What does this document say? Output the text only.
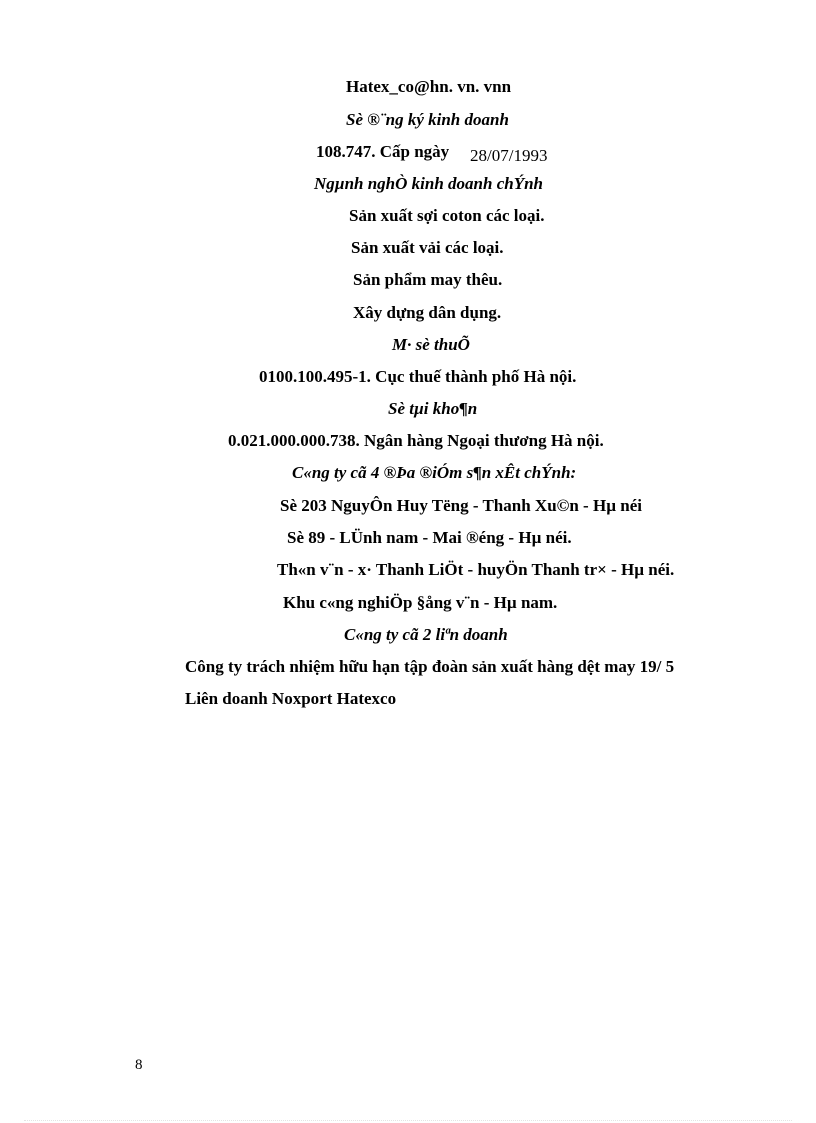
Hatex_co@hn. vn. vnn
Sè ®¨ng ký kinh doanh
108.747. Cấp ngày 28/07/1993
Ngµnh nghÒ kinh doanh chÝnh
Sản xuất sợi coton các loại.
Sản xuất vải các loại.
Sản phẩm may thêu.
Xây dựng dân dụng.
M· sè thuÕ
0100.100.495-1. Cục thuế thành phố Hà nội.
Sè tµi kho¶n
0.021.000.000.738. Ngân hàng Ngoại thương Hà nội.
C«ng ty cã 4 ®Þa ®iÓm s¶n xÊt chÝnh:
Sè 203 NguyÔn Huy Tëng - Thanh Xu©n - Hµ néi
Sè 89 - LÜnh nam - Mai ®éng - Hµ néi.
Th«n v¨n - x· Thanh LiÖt - huyÖn Thanh tr× - Hµ néi.
Khu c«ng nghiÖp §ång v¨n - Hµ nam.
C«ng ty cã 2 liªn doanh
Công ty trách nhiệm hữu hạn tập đoàn sản xuất hàng dệt may 19/ 5
Liên doanh Noxport Hatexco
8
